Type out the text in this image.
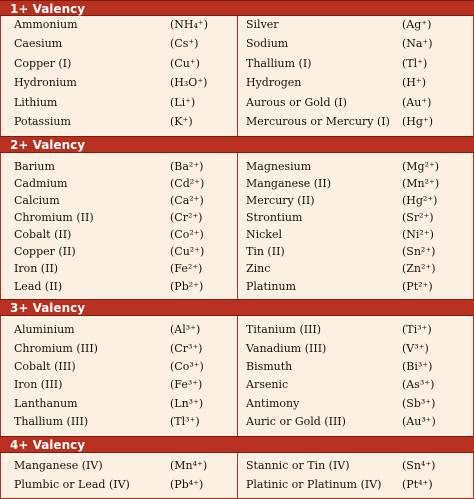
1+ Valency
Ammonium	(NH₄⁺)	Silver	(Ag⁺)
Caesium	(Cs⁺)	Sodium	(Na⁺)
Copper (I)	(Cu⁺)	Thallium (I)	(Tl⁺)
Hydronium	(H₃O⁺)	Hydrogen	(H⁺)
Lithium	(Li⁺)	Aurous or Gold (I)	(Au⁺)
Potassium	(K⁺)	Mercurous or Mercury (I) (Hg⁺)
2+ Valency
Barium	(Ba²⁺)	Magnesium	(Mg²⁺)
Cadmium	(Cd²⁺)	Manganese (II)	(Mn²⁺)
Calcium	(Ca²⁺)	Mercury (II)	(Hg²⁺)
Chromium (II)	(Cr²⁺)	Strontium	(Sr²⁺)
Cobalt (II)	(Co²⁺)	Nickel	(Ni²⁺)
Copper (II)	(Cu²⁺)	Tin (II)	(Sn²⁺)
Iron (II)	(Fe²⁺)	Zinc	(Zn²⁺)
Lead (II)	(Pb²⁺)	Platinum	(Pt²⁺)
3+ Valency
Aluminium	(Al³⁺)	Titanium (III)	(Ti³⁺)
Chromium (III)	(Cr³⁺)	Vanadium (III)	(V³⁺)
Cobalt (III)	(Co³⁺)	Bismuth	(Bi³⁺)
Iron (III)	(Fe³⁺)	Arsenic	(As³⁺)
Lanthanum	(Ln³⁺)	Antimony	(Sb³⁺)
Thallium (III)	(Tl³⁺)	Auric or Gold (III)	(Au³⁺)
4+ Valency
Manganese (IV)	(Mn⁴⁺)	Stannic or Tin (IV)	(Sn⁴⁺)
Plumbic or Lead (IV)	(Pb⁴⁺)	Platinic or Platinum (IV) (Pt⁴⁺)
